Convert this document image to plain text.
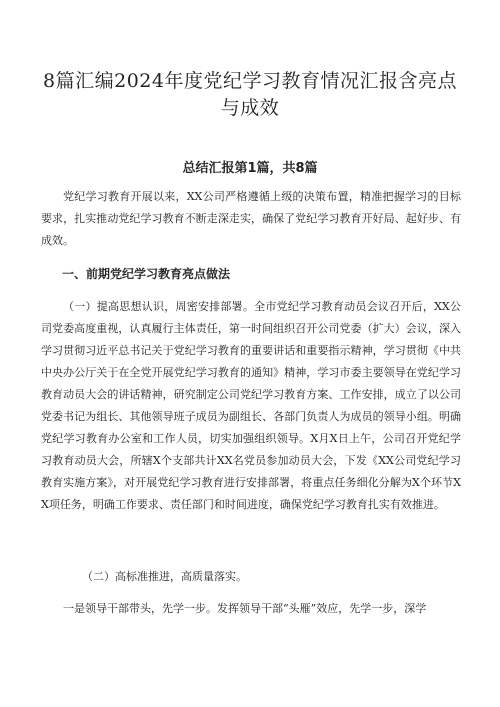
8篇汇编2024年度党纪学习教育情况汇报含亮点与成效

总结汇报第1篇，共8篇

党纪学习教育开展以来，XX公司严格遵循上级的决策布置，精准把握学习的目标要求，扎实推动党纪学习教育不断走深走实，确保了党纪学习教育开好局、起好步、有成效。

一、前期党纪学习教育亮点做法

（一）提高思想认识，周密安排部署。全市党纪学习教育动员会议召开后，XX公司党委高度重视，认真履行主体责任，第一时间组织召开公司党委（扩大）会议，深入学习贯彻习近平总书记关于党纪学习教育的重要讲话和重要指示精神，学习贯彻《中共中央办公厅关于在全党开展党纪学习教育的通知》精神，学习市委主要领导在党纪学习教育动员大会的讲话精神，研究制定公司党纪学习教育方案、工作安排，成立了以公司党委书记为组长、其他领导班子成员为副组长、各部门负责人为成员的领导小组。明确党纪学习教育办公室和工作人员，切实加强组织领导。X月X日上午，公司召开党纪学习教育动员大会，所辖X个支部共计XX名党员参加动员大会，下发《XX公司党纪学习教育实施方案》，对开展党纪学习教育进行安排部署，将重点任务细化分解为X个环节XX项任务，明确工作要求、责任部门和时间进度，确保党纪学习教育扎实有效推进。

（二）高标准推进，高质量落实。

一是领导干部带头，先学一步。发挥领导干部“头雁”效应，先学一步，深学
